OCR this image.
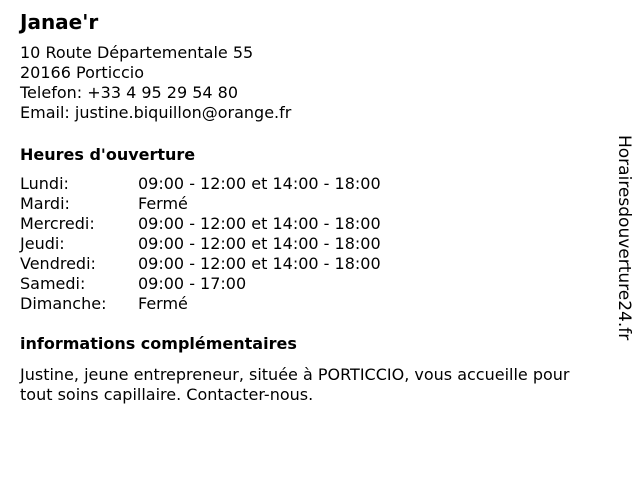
Janae'r
10 Route Départementale 55
20166 Porticcio
Telefon: +33 4 95 29 54 80
Email: justine.biquillon@orange.fr
Heures d'ouverture
Lundi:	09:00 - 12:00 et 14:00 - 18:00
Mardi:	Fermé
Mercredi:	09:00 - 12:00 et 14:00 - 18:00
Jeudi:	09:00 - 12:00 et 14:00 - 18:00
Vendredi:	09:00 - 12:00 et 14:00 - 18:00
Samedi:	09:00 - 17:00
Dimanche:	Fermé
informations complémentaires
Justine, jeune entrepreneur, située à PORTICCIO, vous accueille pour
tout soins capillaire. Contacter-nous.
Horairesdouverture24.fr
